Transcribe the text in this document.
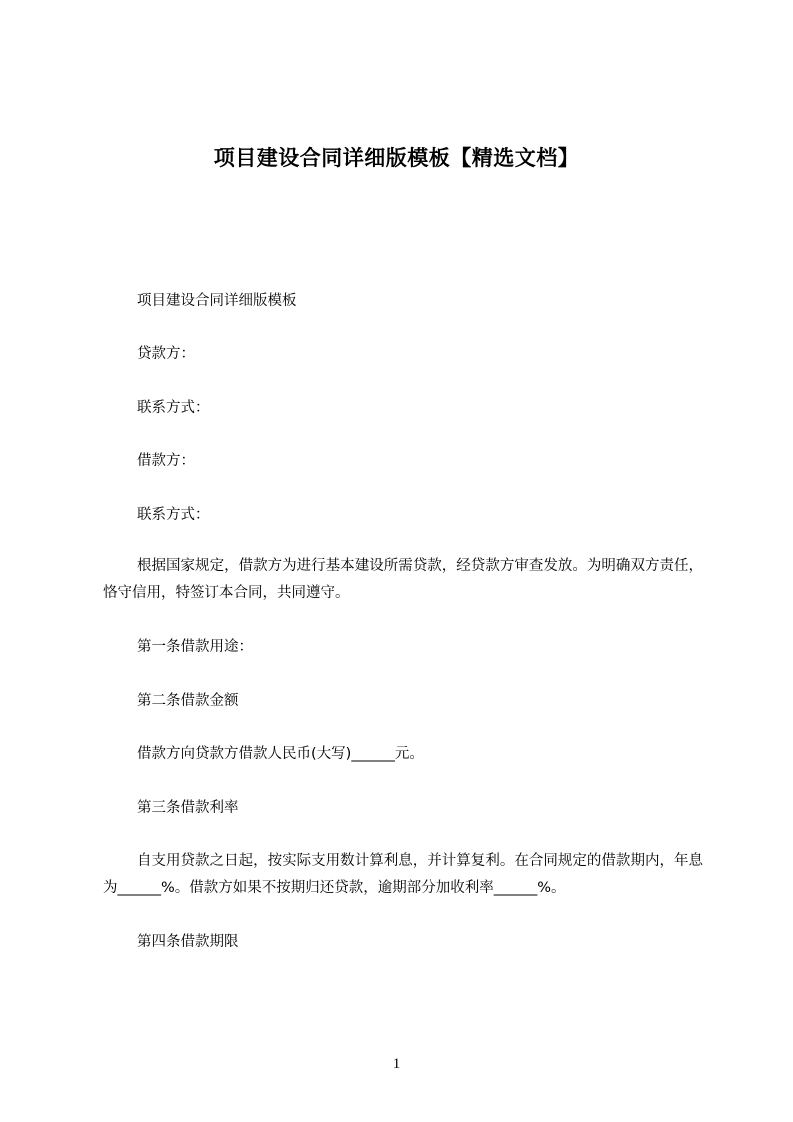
项目建设合同详细版模板【精选文档】
项目建设合同详细版模板
贷款方：
联系方式：
借款方：
联系方式：
根据国家规定，借款方为进行基本建设所需贷款，经贷款方审查发放。为明确双方责任，恪守信用，特签订本合同，共同遵守。
第一条借款用途：
第二条借款金额
借款方向贷款方借款人民币(大写)______元。
第三条借款利率
自支用贷款之日起，按实际支用数计算利息，并计算复利。在合同规定的借款期内，年息为______%。借款方如果不按期归还贷款，逾期部分加收利率______%。
第四条借款期限
1
